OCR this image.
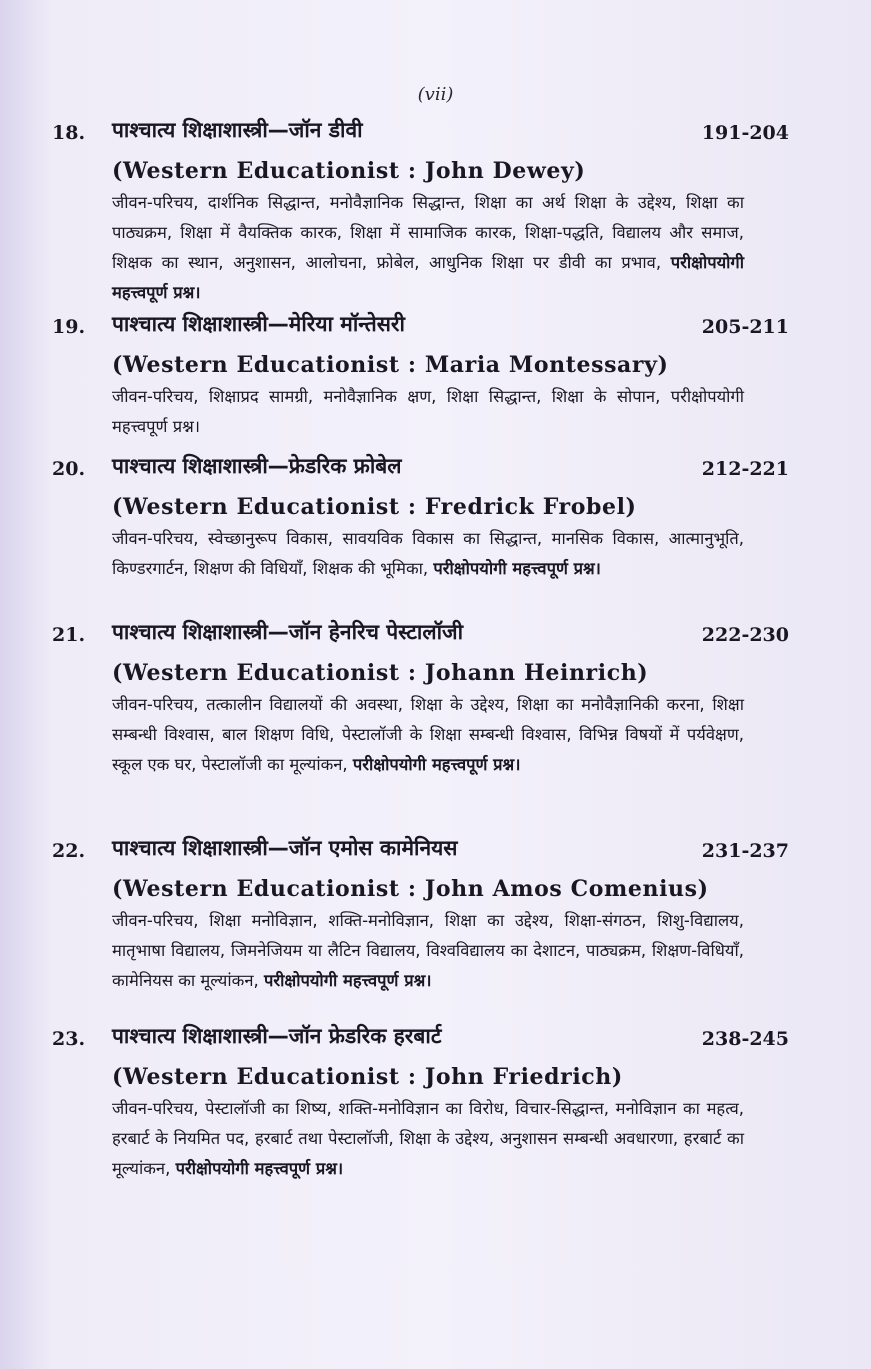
(vii)
18. पाश्चात्य शिक्षाशास्त्री—जॉन डीवी	191-204
(Western Educationist : John Dewey)
जीवन-परिचय, दार्शनिक सिद्धान्त, मनोवैज्ञानिक सिद्धान्त, शिक्षा का अर्थ शिक्षा के उद्देश्य, शिक्षा का पाठ्यक्रम, शिक्षा में वैयक्तिक कारक, शिक्षा में सामाजिक कारक, शिक्षा-पद्धति, विद्यालय और समाज, शिक्षक का स्थान, अनुशासन, आलोचना, फ्रोबेल, आधुनिक शिक्षा पर डीवी का प्रभाव, परीक्षोपयोगी महत्त्वपूर्ण प्रश्न।
19. पाश्चात्य शिक्षाशास्त्री—मेरिया मॉन्तेसरी	205-211
(Western Educationist : Maria Montessary)
जीवन-परिचय, शिक्षाप्रद सामग्री, मनोवैज्ञानिक क्षण, शिक्षा सिद्धान्त, शिक्षा के सोपान, परीक्षोपयोगी महत्त्वपूर्ण प्रश्न।
20. पाश्चात्य शिक्षाशास्त्री—फ्रेडरिक फ्रोबेल	212-221
(Western Educationist : Fredrick Frobel)
जीवन-परिचय, स्वेच्छानुरूप विकास, सावयविक विकास का सिद्धान्त, मानसिक विकास, आत्मानुभूति, किण्डरगार्टन, शिक्षण की विधियाँ, शिक्षक की भूमिका, परीक्षोपयोगी महत्त्वपूर्ण प्रश्न।
21. पाश्चात्य शिक्षाशास्त्री—जॉन हेनरिच पेस्टालॉजी	222-230
(Western Educationist : Johann Heinrich)
जीवन-परिचय, तत्कालीन विद्यालयों की अवस्था, शिक्षा के उद्देश्य, शिक्षा का मनोवैज्ञानिकी करना, शिक्षा सम्बन्धी विश्वास, बाल शिक्षण विधि, पेस्टालॉजी के शिक्षा सम्बन्धी विश्वास, विभिन्न विषयों में पर्यवेक्षण, स्कूल एक घर, पेस्टालॉजी का मूल्यांकन, परीक्षोपयोगी महत्त्वपूर्ण प्रश्न।
22. पाश्चात्य शिक्षाशास्त्री—जॉन एमोस कामेनियस	231-237
(Western Educationist : John Amos Comenius)
जीवन-परिचय, शिक्षा मनोविज्ञान, शक्ति-मनोविज्ञान, शिक्षा का उद्देश्य, शिक्षा-संगठन, शिशु-विद्यालय, मातृभाषा विद्यालय, जिमनेजियम या लैटिन विद्यालय, विश्वविद्यालय का देशाटन, पाठ्यक्रम, शिक्षण-विधियाँ, कामेनियस का मूल्यांकन, परीक्षोपयोगी महत्त्वपूर्ण प्रश्न।
23. पाश्चात्य शिक्षाशास्त्री—जॉन फ्रेडरिक हरबार्ट	238-245
(Western Educationist : John Friedrich)
जीवन-परिचय, पेस्टालॉजी का शिष्य, शक्ति-मनोविज्ञान का विरोध, विचार-सिद्धान्त, मनोविज्ञान का महत्व, हरबार्ट के नियमित पद, हरबार्ट तथा पेस्टालॉजी, शिक्षा के उद्देश्य, अनुशासन सम्बन्धी अवधारणा, हरबार्ट का मूल्यांकन, परीक्षोपयोगी महत्त्वपूर्ण प्रश्न।
